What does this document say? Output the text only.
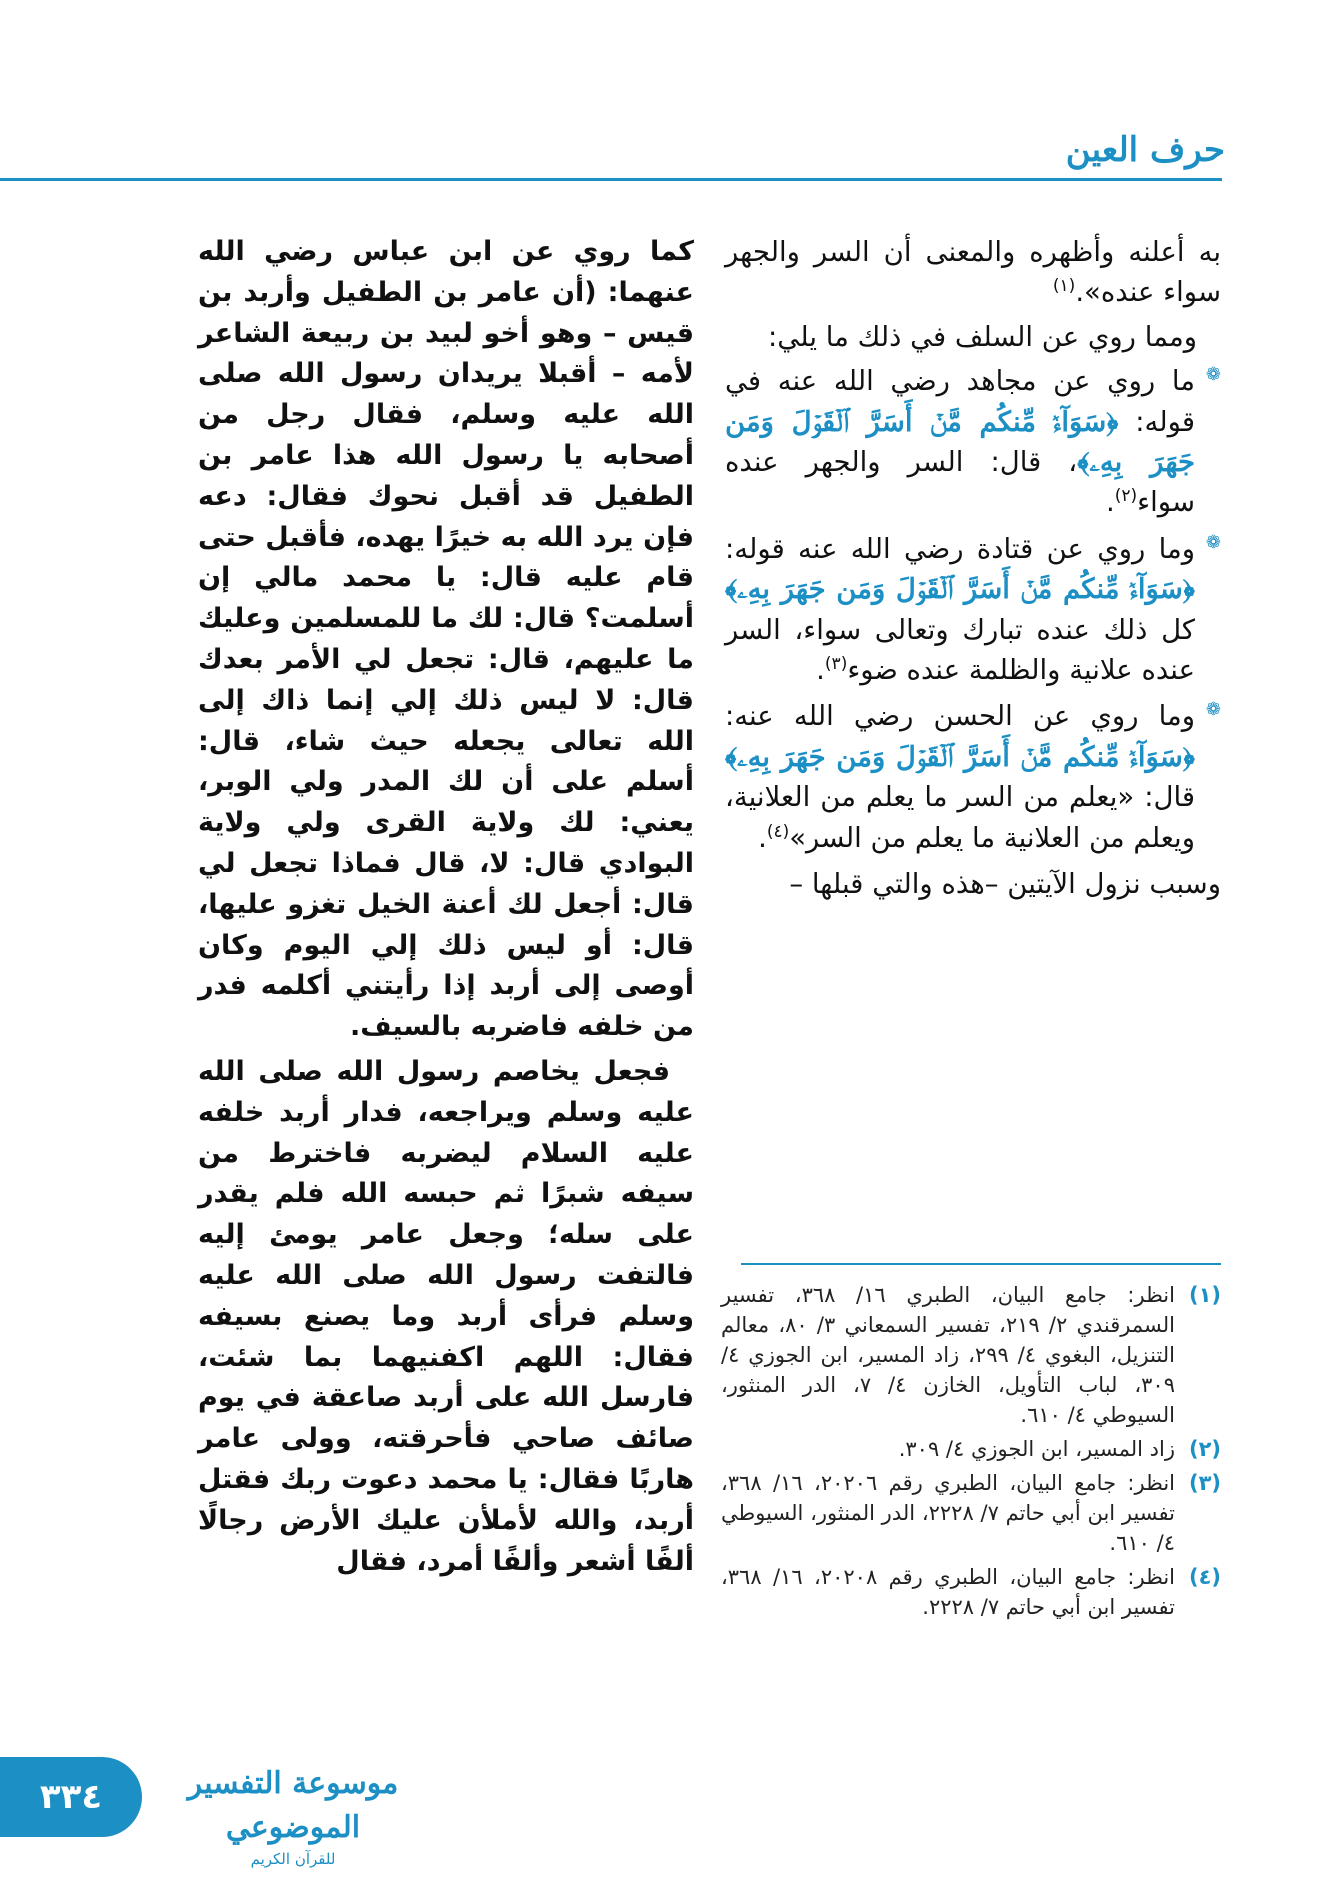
حرف العين

به أعلنه وأظهره والمعنى أن السر والجهر سواء عنده».$^{(١)}$

ومما روي عن السلف في ذلك ما يلي:

❁
ما روي عن مجاهد رضي الله عنه في قوله: ﴿سَوَآءٞ مِّنكُم مَّنۡ أَسَرَّ ٱلۡقَوۡلَ وَمَن جَهَرَ بِهِۦ﴾، قال: السر والجهر عنده سواء$^{(٢)}$.

❁
وما روي عن قتادة رضي الله عنه قوله: ﴿سَوَآءٞ مِّنكُم مَّنۡ أَسَرَّ ٱلۡقَوۡلَ وَمَن جَهَرَ بِهِۦ﴾ كل ذلك عنده تبارك وتعالى سواء، السر عنده علانية والظلمة عنده ضوء$^{(٣)}$.

❁
وما روي عن الحسن رضي الله عنه: ﴿سَوَآءٞ مِّنكُم مَّنۡ أَسَرَّ ٱلۡقَوۡلَ وَمَن جَهَرَ بِهِۦ﴾ قال: «يعلم من السر ما يعلم من العلانية، ويعلم من العلانية ما يعلم من السر»$^{(٤)}$.

وسبب نزول الآيتين –هذه والتي قبلها –

كما روي عن ابن عباس رضي الله عنهما: (أن عامر بن الطفيل وأربد بن قيس – وهو أخو لبيد بن ربيعة الشاعر لأمه – أقبلا يريدان رسول الله صلى الله عليه وسلم، فقال رجل من أصحابه يا رسول الله هذا عامر بن الطفيل قد أقبل نحوك فقال: دعه فإن يرد الله به خيرًا يهده، فأقبل حتى قام عليه قال: يا محمد مالي إن أسلمت؟ قال: لك ما للمسلمين وعليك ما عليهم، قال: تجعل لي الأمر بعدك قال: لا ليس ذلك إلي إنما ذاك إلى الله تعالى يجعله حيث شاء، قال: أسلم على أن لك المدر ولي الوبر، يعني: لك ولاية القرى ولي ولاية البوادي قال: لا، قال فماذا تجعل لي قال: أجعل لك أعنة الخيل تغزو عليها، قال: أو ليس ذلك إلي اليوم وكان أوصى إلى أربد إذا رأيتني أكلمه فدر من خلفه فاضربه بالسيف.

فجعل يخاصم رسول الله صلى الله عليه وسلم ويراجعه، فدار أربد خلفه عليه السلام ليضربه فاخترط من سيفه شبرًا ثم حبسه الله فلم يقدر على سله؛ وجعل عامر يومئ إليه فالتفت رسول الله صلى الله عليه وسلم فرأى أربد وما يصنع بسيفه فقال: اللهم اكفنيهما بما شئت، فارسل الله على أربد صاعقة في يوم صائف صاحي فأحرقته، وولى عامر هاربًا فقال: يا محمد دعوت ربك فقتل أربد، والله لأملأن عليك الأرض رجالًا ألفًا أشعر وألفًا أمرد، فقال

(١)
انظر: جامع البيان، الطبري ١٦/ ٣٦٨، تفسير السمرقندي ٢/ ٢١٩، تفسير السمعاني ٣/ ٨٠، معالم التنزيل، البغوي ٤/ ٢٩٩، زاد المسير، ابن الجوزي ٤/ ٣٠٩، لباب التأويل، الخازن ٤/ ٧، الدر المنثور، السيوطي ٤/ ٦١٠.

(٢)
زاد المسير، ابن الجوزي ٤/ ٣٠٩.

(٣)
انظر: جامع البيان، الطبري رقم ٢٠٢٠٦، ١٦/ ٣٦٨، تفسير ابن أبي حاتم ٧/ ٢٢٢٨، الدر المنثور، السيوطي ٤/ ٦١٠.

(٤)
انظر: جامع البيان، الطبري رقم ٢٠٢٠٨، ١٦/ ٣٦٨، تفسير ابن أبي حاتم ٧/ ٢٢٢٨.

٣٣٤	موسوعة التفسير الموضوعي
للقرآن الكريم
